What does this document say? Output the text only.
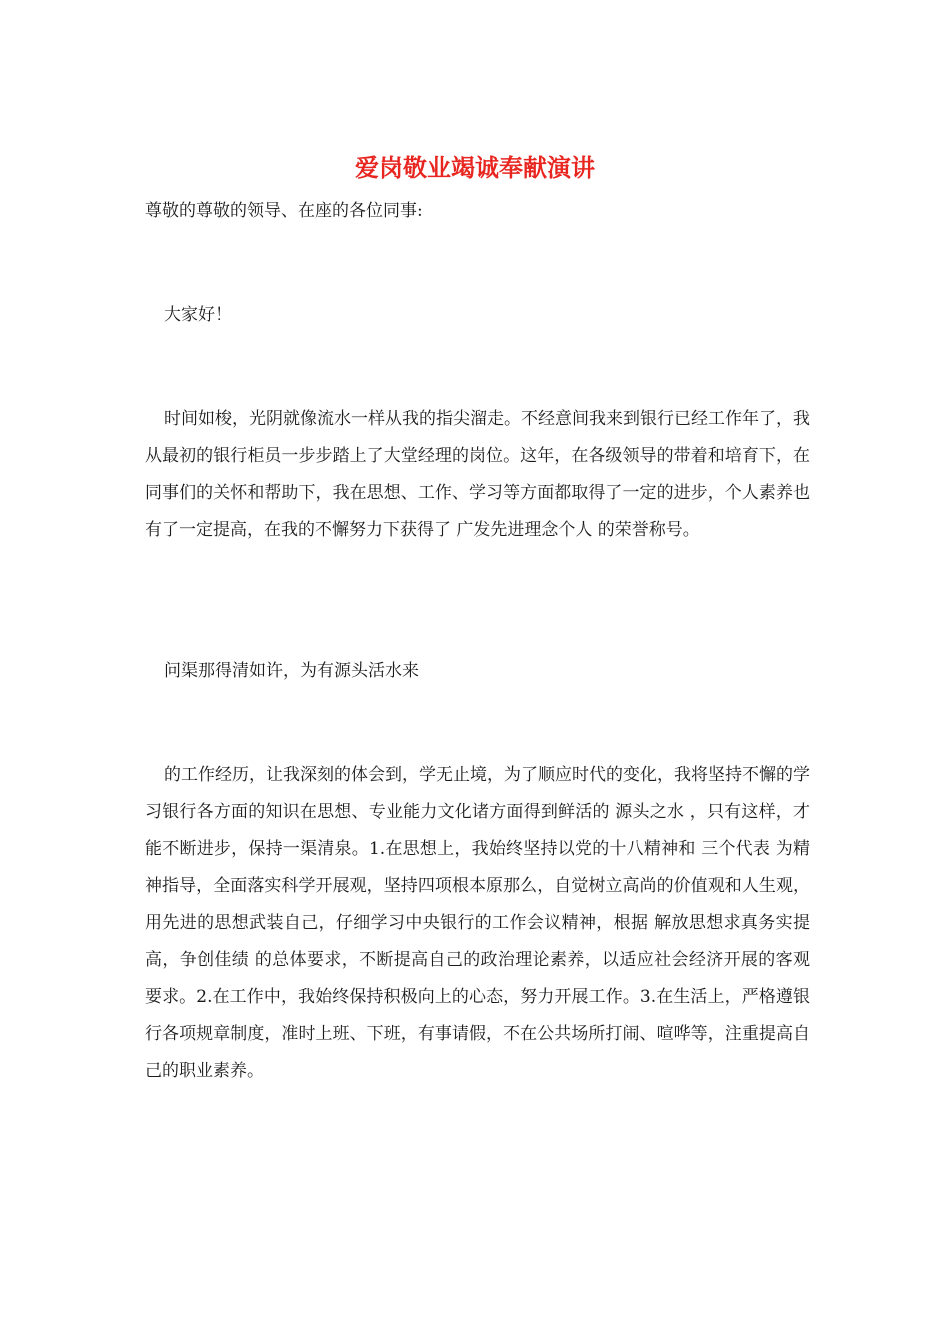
爱岗敬业竭诚奉献演讲

尊敬的尊敬的领导、在座的各位同事:

大家好！

时间如梭，光阴就像流水一样从我的指尖溜走。不经意间我来到银行已经工作年了，我从最初的银行柜员一步步踏上了大堂经理的岗位。这年，在各级领导的带着和培育下，在同事们的关怀和帮助下，我在思想、工作、学习等方面都取得了一定的进步，个人素养也有了一定提高，在我的不懈努力下获得了 广发先进理念个人 的荣誉称号。

问渠那得清如许，为有源头活水来

的工作经历，让我深刻的体会到，学无止境，为了顺应时代的变化，我将坚持不懈的学习银行各方面的知识在思想、专业能力文化诸方面得到鲜活的 源头之水 ，只有这样，才能不断进步，保持一渠清泉。1.在思想上，我始终坚持以党的十八精神和 三个代表 为精神指导，全面落实科学开展观，坚持四项根本原那么，自觉树立高尚的价值观和人生观，用先进的思想武装自己，仔细学习中央银行的工作会议精神，根据 解放思想求真务实提高，争创佳绩 的总体要求，不断提高自己的政治理论素养，以适应社会经济开展的客观要求。2.在工作中，我始终保持积极向上的心态，努力开展工作。3.在生活上，严格遵银行各项规章制度，准时上班、下班，有事请假，不在公共场所打闹、喧哗等，注重提高自己的职业素养。
